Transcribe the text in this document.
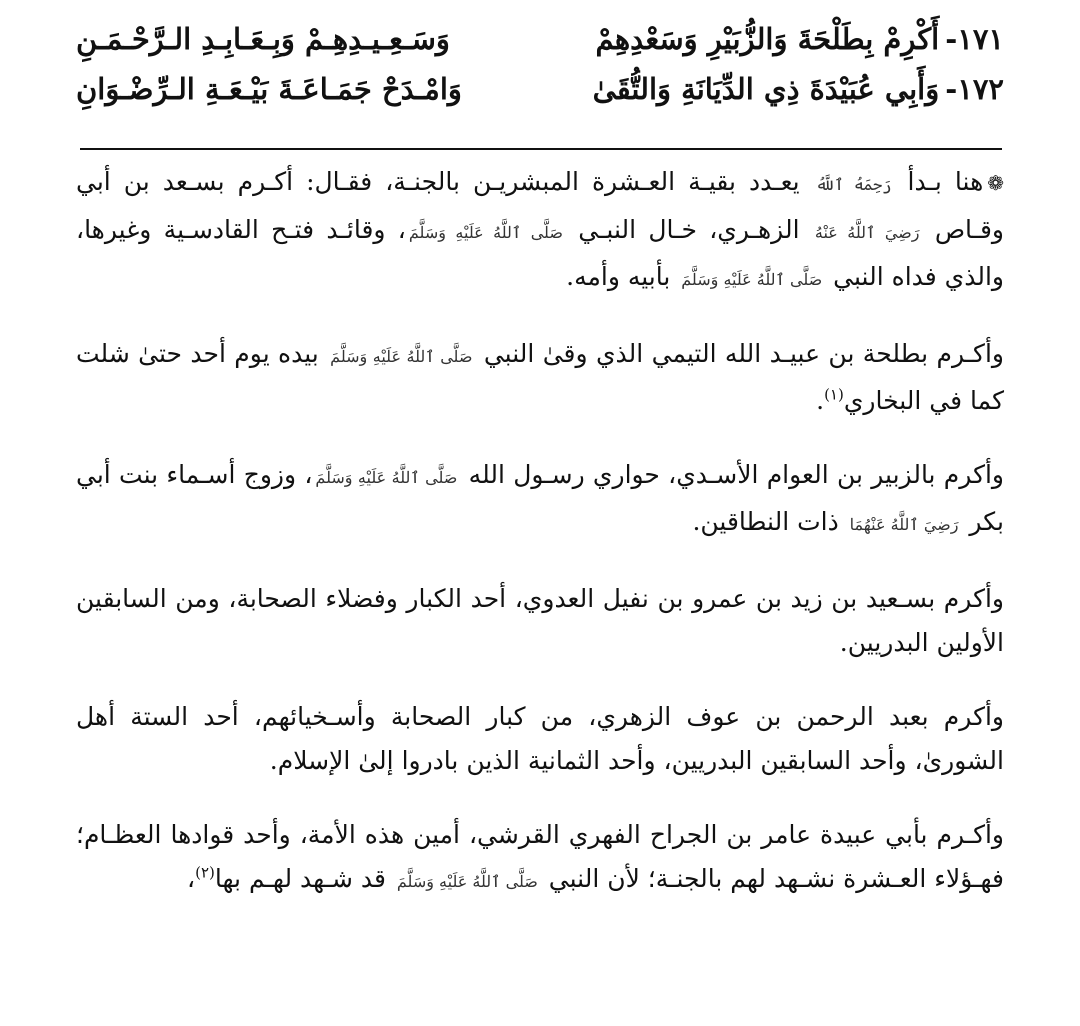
١٧١-
أَكْرِمْ بِطَلْحَةَ وَالزُّبَيْرِ وَسَعْدِهِمْ
وَسَـعِـيـدِهِـمْ وَبِـعَـابِـدِ الـرَّحْـمَـنِ
١٧٢-
وَأَبِي عُبَيْدَةَ ذِي الدِّيَانَةِ وَالتُّقَىٰ
وَامْـدَحْ جَمَـاعَـةَ بَيْـعَـةِ الـرِّضْـوَانِ

❁هنا بـدأ رَحِمَهُ ٱللَّهُ يعـدد بقيـة العـشرة المبشريـن بالجنـة، فقـال: أكـرم بسـعد بن أبي وقـاص رَضِيَ ٱللَّهُ عَنْهُ الزهـري، خـال النبـي صَلَّى ٱللَّهُ عَلَيْهِ وَسَلَّمَ، وقائـد فتـح القادسـية وغيرها، والذي فداه النبي صَلَّى ٱللَّهُ عَلَيْهِ وَسَلَّمَ بأبيه وأمه.

وأكـرم بطلحة بن عبيـد الله التيمي الذي وقىٰ النبي صَلَّى ٱللَّهُ عَلَيْهِ وَسَلَّمَ بيده يوم أحد حتىٰ شلت كما في البخاري$^{(١)}$.

وأكرم بالزبير بن العوام الأسـدي، حواري رسـول الله صَلَّى ٱللَّهُ عَلَيْهِ وَسَلَّمَ، وزوج أسـماء بنت أبي بكر رَضِيَ ٱللَّهُ عَنْهُمَا ذات النطاقين.

وأكرم بسـعيد بن زيد بن عمرو بن نفيل العدوي، أحد الكبار وفضلاء الصحابة، ومن السابقين الأولين البدريين.

وأكرم بعبد الرحمن بن عوف الزهري، من كبار الصحابة وأسـخيائهم، أحد الستة أهل الشورىٰ، وأحد السابقين البدريين، وأحد الثمانية الذين بادروا إلىٰ الإسلام.

وأكـرم بأبي عبيدة عامر بن الجراح الفهري القرشي، أمين هذه الأمة، وأحد قوادها العظـام؛ فهـؤلاء العـشرة نشـهد لهم بالجنـة؛ لأن النبي صَلَّى ٱللَّهُ عَلَيْهِ وَسَلَّمَ قد شـهد لهـم بها$^{(٢)}$،
